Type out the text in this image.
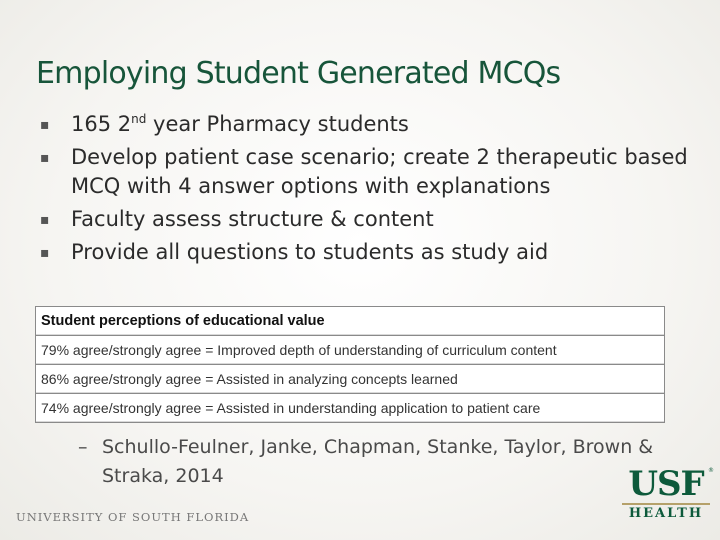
Employing Student Generated MCQs
▪ 165 2nd year Pharmacy students
▪ Develop patient case scenario; create 2 therapeutic based MCQ with 4 answer options with explanations
▪ Faculty assess structure & content
▪ Provide all questions to students as study aid
Student perceptions of educational value
79% agree/strongly agree = Improved depth of understanding of curriculum content
86% agree/strongly agree = Assisted in analyzing concepts learned
74% agree/strongly agree = Assisted in understanding application to patient care
– Schullo-Feulner, Janke, Chapman, Stanke, Taylor, Brown &
Straka, 2014
UNIVERSITY OF SOUTH FLORIDA
USF
HEALTH
®
